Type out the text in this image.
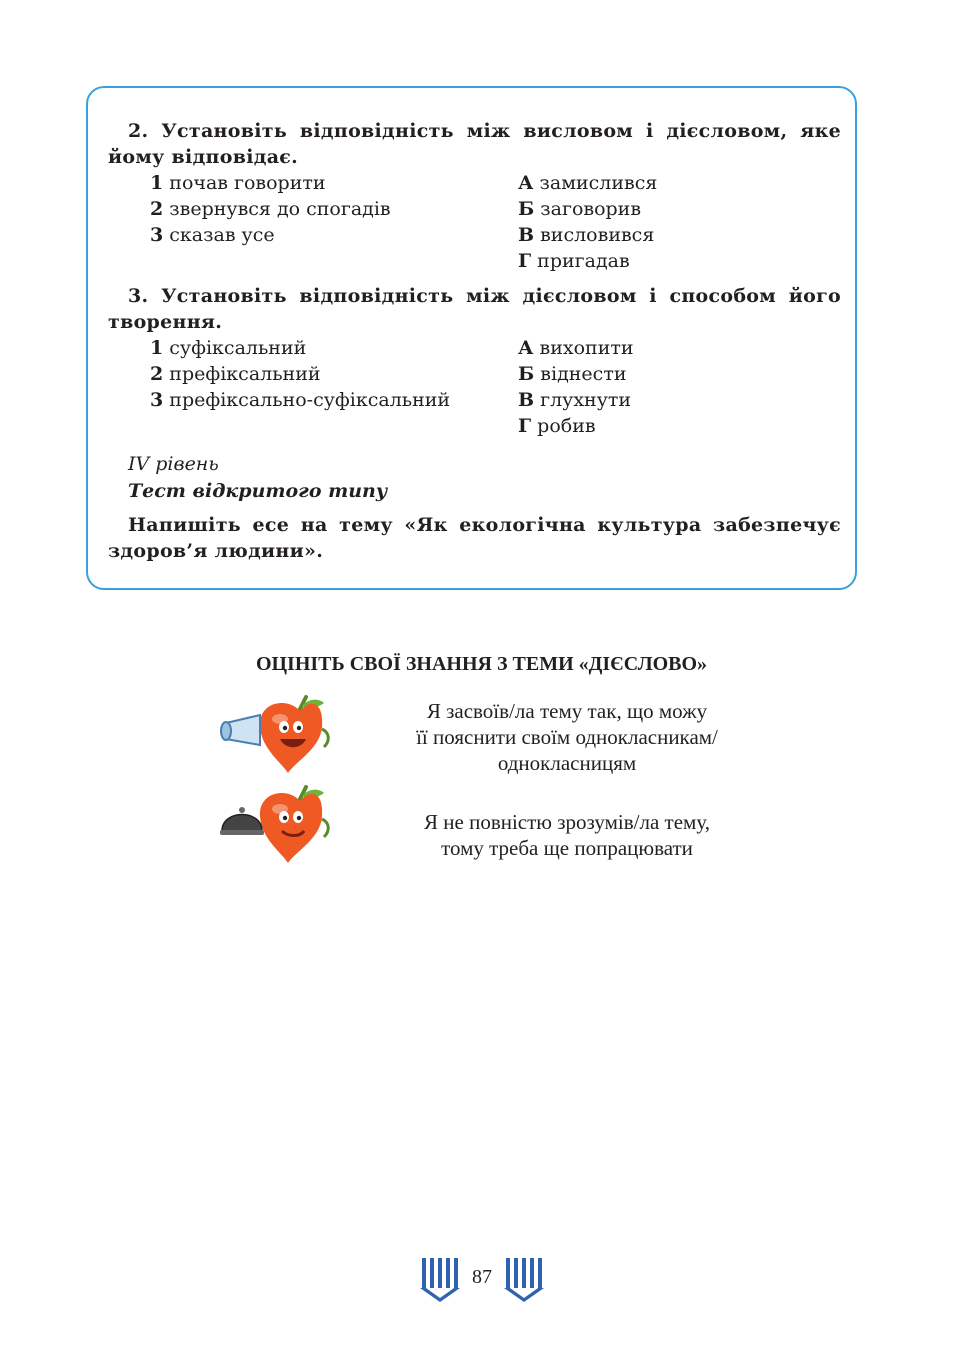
2. Установіть відповідність між висловом і дієсловом, яке йому відповідає.
1 почав говорити
2 звернувся до спогадів
3 сказав усе
А замислився
Б заговорив
В висловився
Г пригадав
3. Установіть відповідність між дієсловом і способом його творення.
1 суфіксальний
2 префіксальний
3 префіксально-суфіксальний
А вихопити
Б віднести
В глухнути
Г робив
IV рівень
Тест відкритого типу
Напишіть есе на тему «Як екологічна культура забезпечує здоров’я людини».
ОЦІНІТЬ СВОЇ ЗНАННЯ З ТЕМИ «ДІЄСЛОВО»
Я засвоїв/ла тему так, що можу
її пояснити своїм однокласникам/
однокласницям
Я не повністю зрозумів/ла тему,
тому треба ще попрацювати
87
